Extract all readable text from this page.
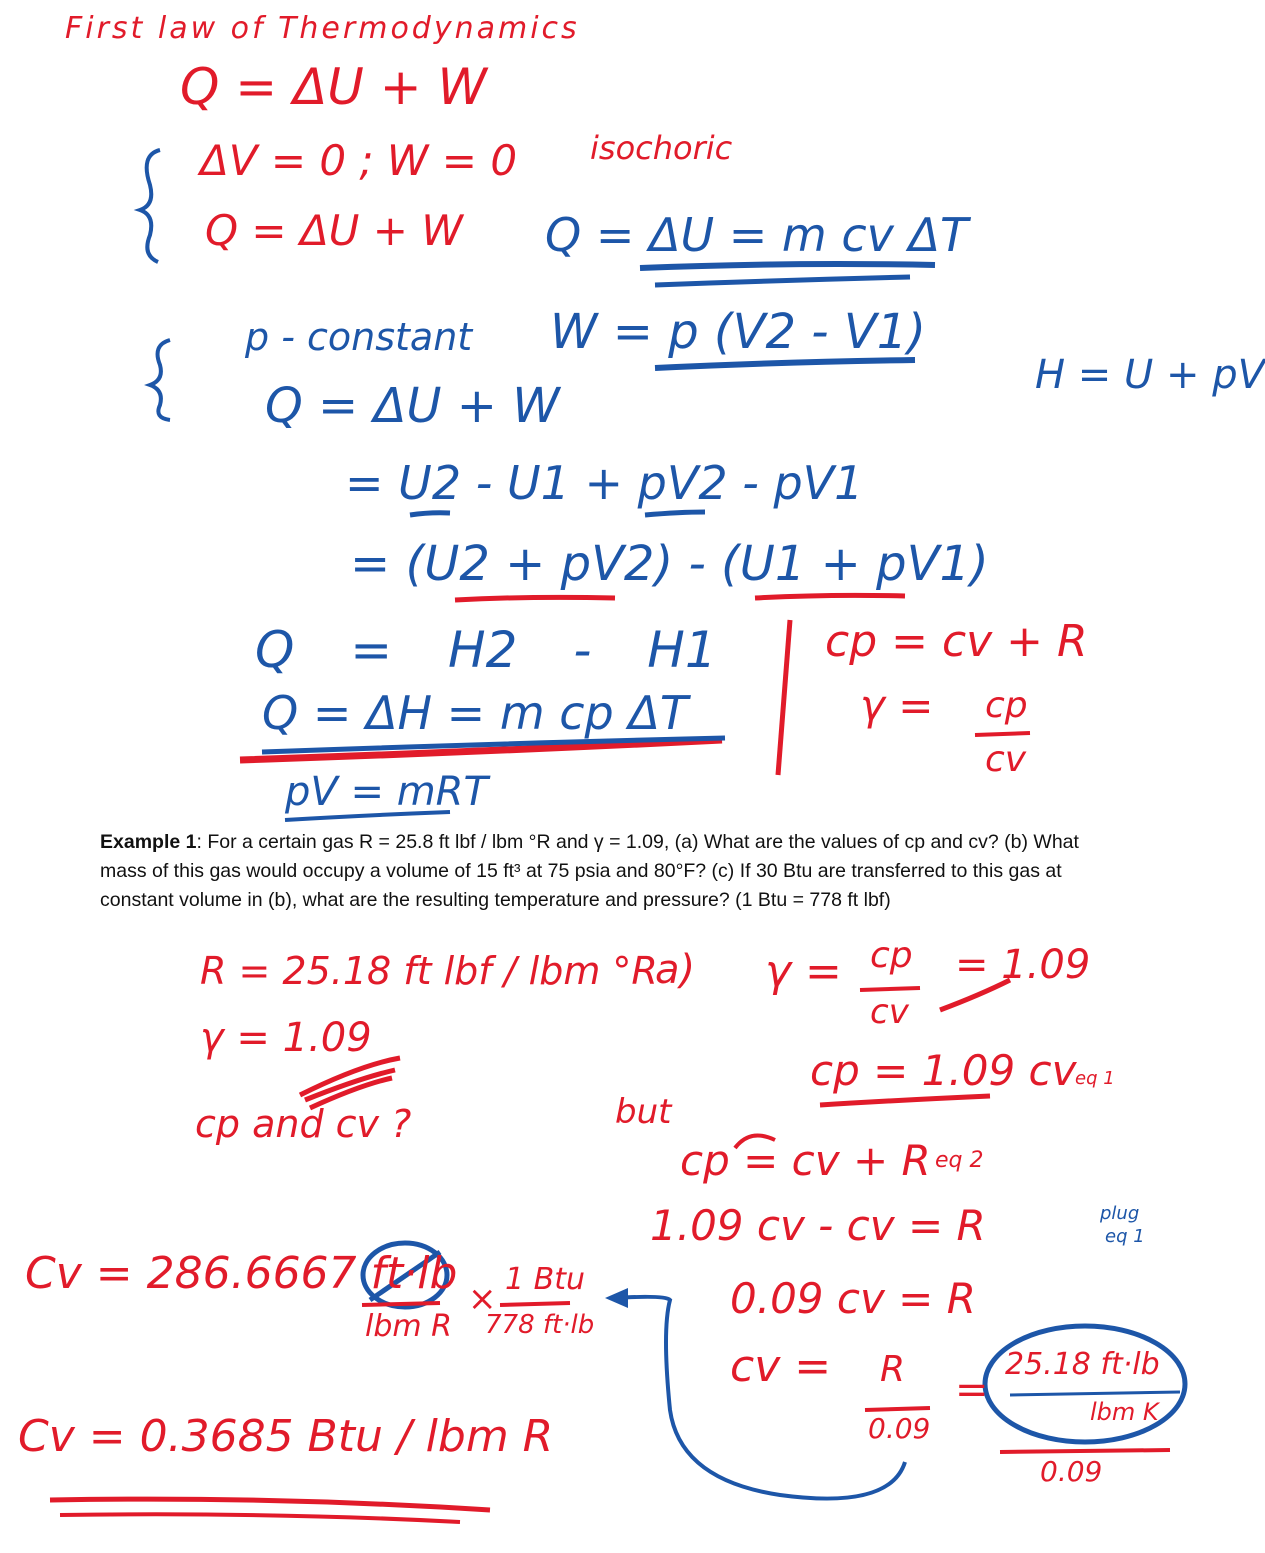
First law of Thermodynamics
Q = ΔU + W
ΔV = 0 ; W = 0 isochoric
Q = ΔU + W Q = ΔU = m cv ΔT
p - constant W = p (V2 - V1)
H = U + pV
Q = ΔU + W
= U2 - U1 + pV2 - pV1
= (U2 + pV2) - (U1 + pV1)
Q = H2 - H1
Q = ΔH = m cp ΔT
pV = mRT
cp = cv + R
γ = cp
cv
Example 1: For a certain gas R = 25.8 ft lbf / lbm °R and γ = 1.09, (a) What are the values of cp and cv? (b) What mass of this gas would occupy a volume of 15 ft³ at 75 psia and 80°F? (c) If 30 Btu are transferred to this gas at constant volume in (b), what are the resulting temperature and pressure? (1 Btu = 778 ft lbf)
R = 25.18 ft lbf / lbm °R
a) γ = cp
cv
= 1.09
γ = 1.09
cp and cv ?
cp = 1.09 cv
eq 1
but
cp = cv + R eq 2
1.09 cv - cv = R	plug
eq 1
0.09 cv = R
cv = R
0.09
=
25.18 ft·lb
lbm K
0.09
Cv = 286.6667 ft·lb
lbm R
× 1 Btu
778 ft·lb
Cv = 0.3685 Btu / lbm R
